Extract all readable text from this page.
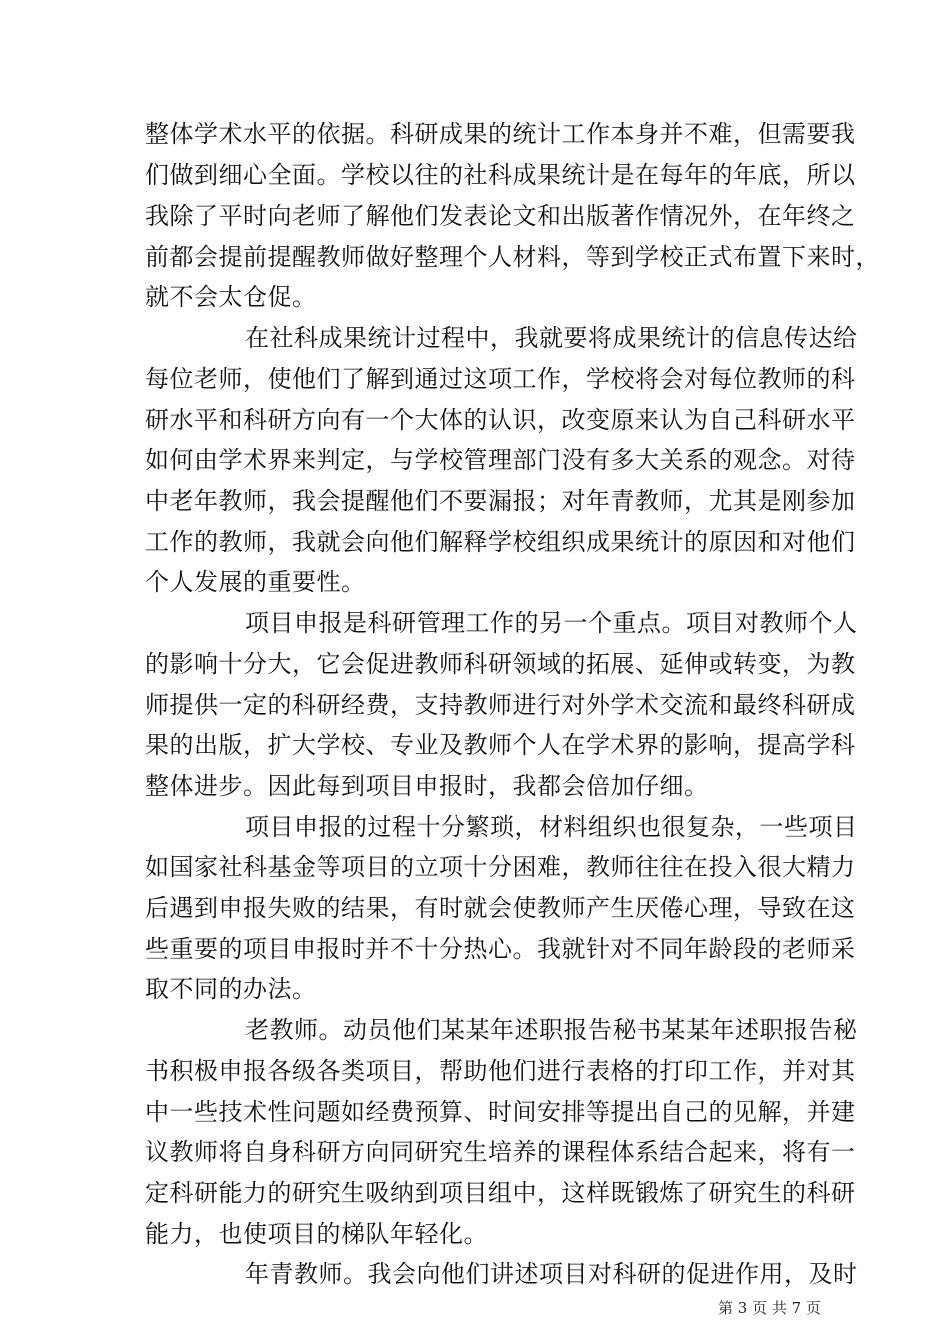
整体学术水平的依据。科研成果的统计工作本身并不难，但需要我
们做到细心全面。学校以往的社科成果统计是在每年的年底，所以
我除了平时向老师了解他们发表论文和出版著作情况外，在年终之
前都会提前提醒教师做好整理个人材料，等到学校正式布置下来时，
就不会太仓促。
在社科成果统计过程中，我就要将成果统计的信息传达给
每位老师，使他们了解到通过这项工作，学校将会对每位教师的科
研水平和科研方向有一个大体的认识，改变原来认为自己科研水平
如何由学术界来判定，与学校管理部门没有多大关系的观念。对待
中老年教师，我会提醒他们不要漏报；对年青教师，尤其是刚参加
工作的教师，我就会向他们解释学校组织成果统计的原因和对他们
个人发展的重要性。
项目申报是科研管理工作的另一个重点。项目对教师个人
的影响十分大，它会促进教师科研领域的拓展、延伸或转变，为教
师提供一定的科研经费，支持教师进行对外学术交流和最终科研成
果的出版，扩大学校、专业及教师个人在学术界的影响，提高学科
整体进步。因此每到项目申报时，我都会倍加仔细。
项目申报的过程十分繁琐，材料组织也很复杂，一些项目
如国家社科基金等项目的立项十分困难，教师往往在投入很大精力
后遇到申报失败的结果，有时就会使教师产生厌倦心理，导致在这
些重要的项目申报时并不十分热心。我就针对不同年龄段的老师采
取不同的办法。
老教师。动员他们某某年述职报告秘书某某年述职报告秘
书积极申报各级各类项目，帮助他们进行表格的打印工作，并对其
中一些技术性问题如经费预算、时间安排等提出自己的见解，并建
议教师将自身科研方向同研究生培养的课程体系结合起来，将有一
定科研能力的研究生吸纳到项目组中，这样既锻炼了研究生的科研
能力，也使项目的梯队年轻化。
年青教师。我会向他们讲述项目对科研的促进作用，及时
第 3 页 共 7 页
